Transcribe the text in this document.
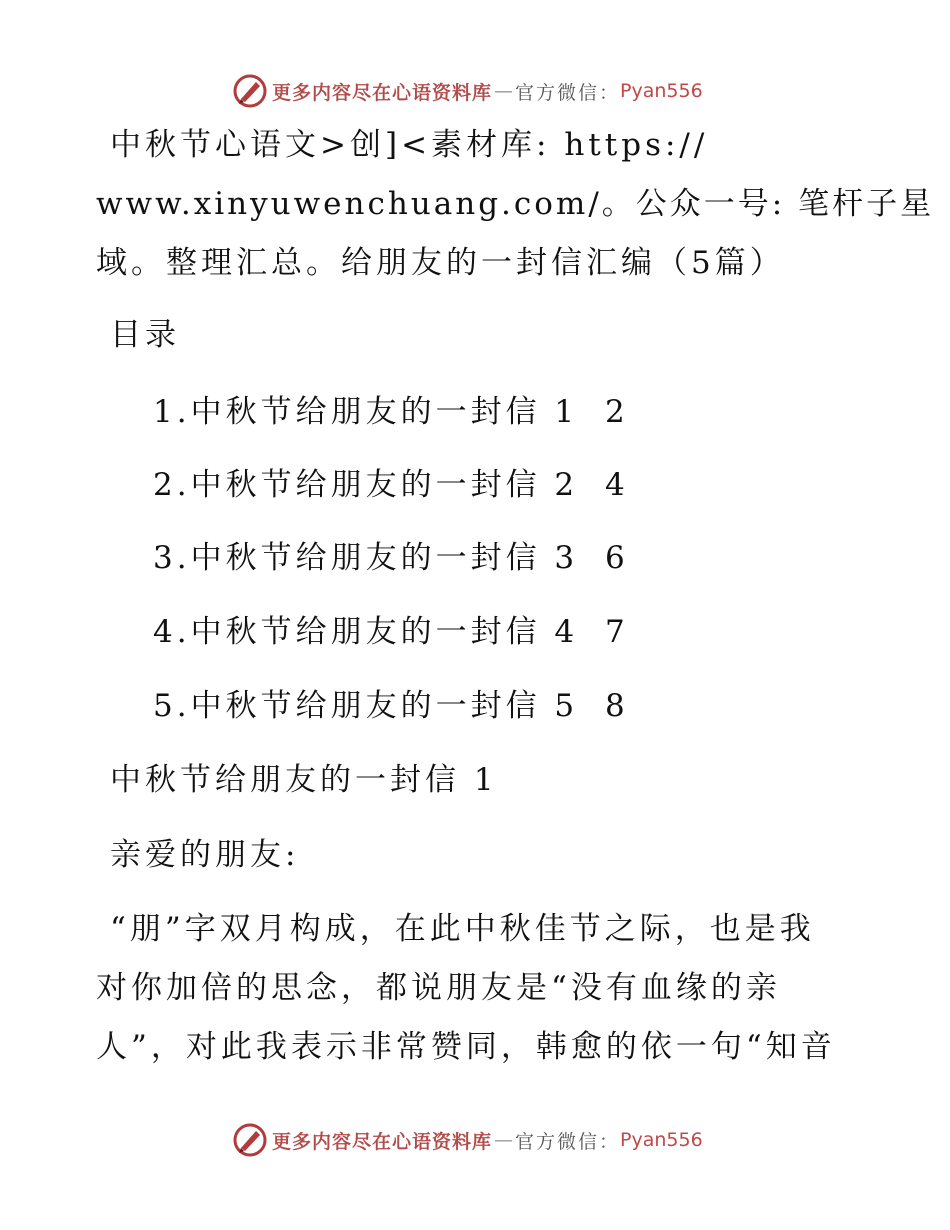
更多内容尽在心语资料库 — 官方微信： Pyan556

中秋节心语文>创]<素材库: https://

www.xinyuwenchuang.com/。公众一号: 笔杆子星

域。整理汇总。给朋友的一封信汇编（5篇）

目录

1.中秋节给朋友的一封信 1 2
2.中秋节给朋友的一封信 2 4
3.中秋节给朋友的一封信 3 6
4.中秋节给朋友的一封信 4 7
5.中秋节给朋友的一封信 5 8

中秋节给朋友的一封信 1

亲爱的朋友:

“朋”字双月构成，在此中秋佳节之际，也是我

对你加倍的思念，都说朋友是“没有血缘的亲

人”，对此我表示非常赞同，韩愈的依一句“知音

更多内容尽在心语资料库 — 官方微信： Pyan556
